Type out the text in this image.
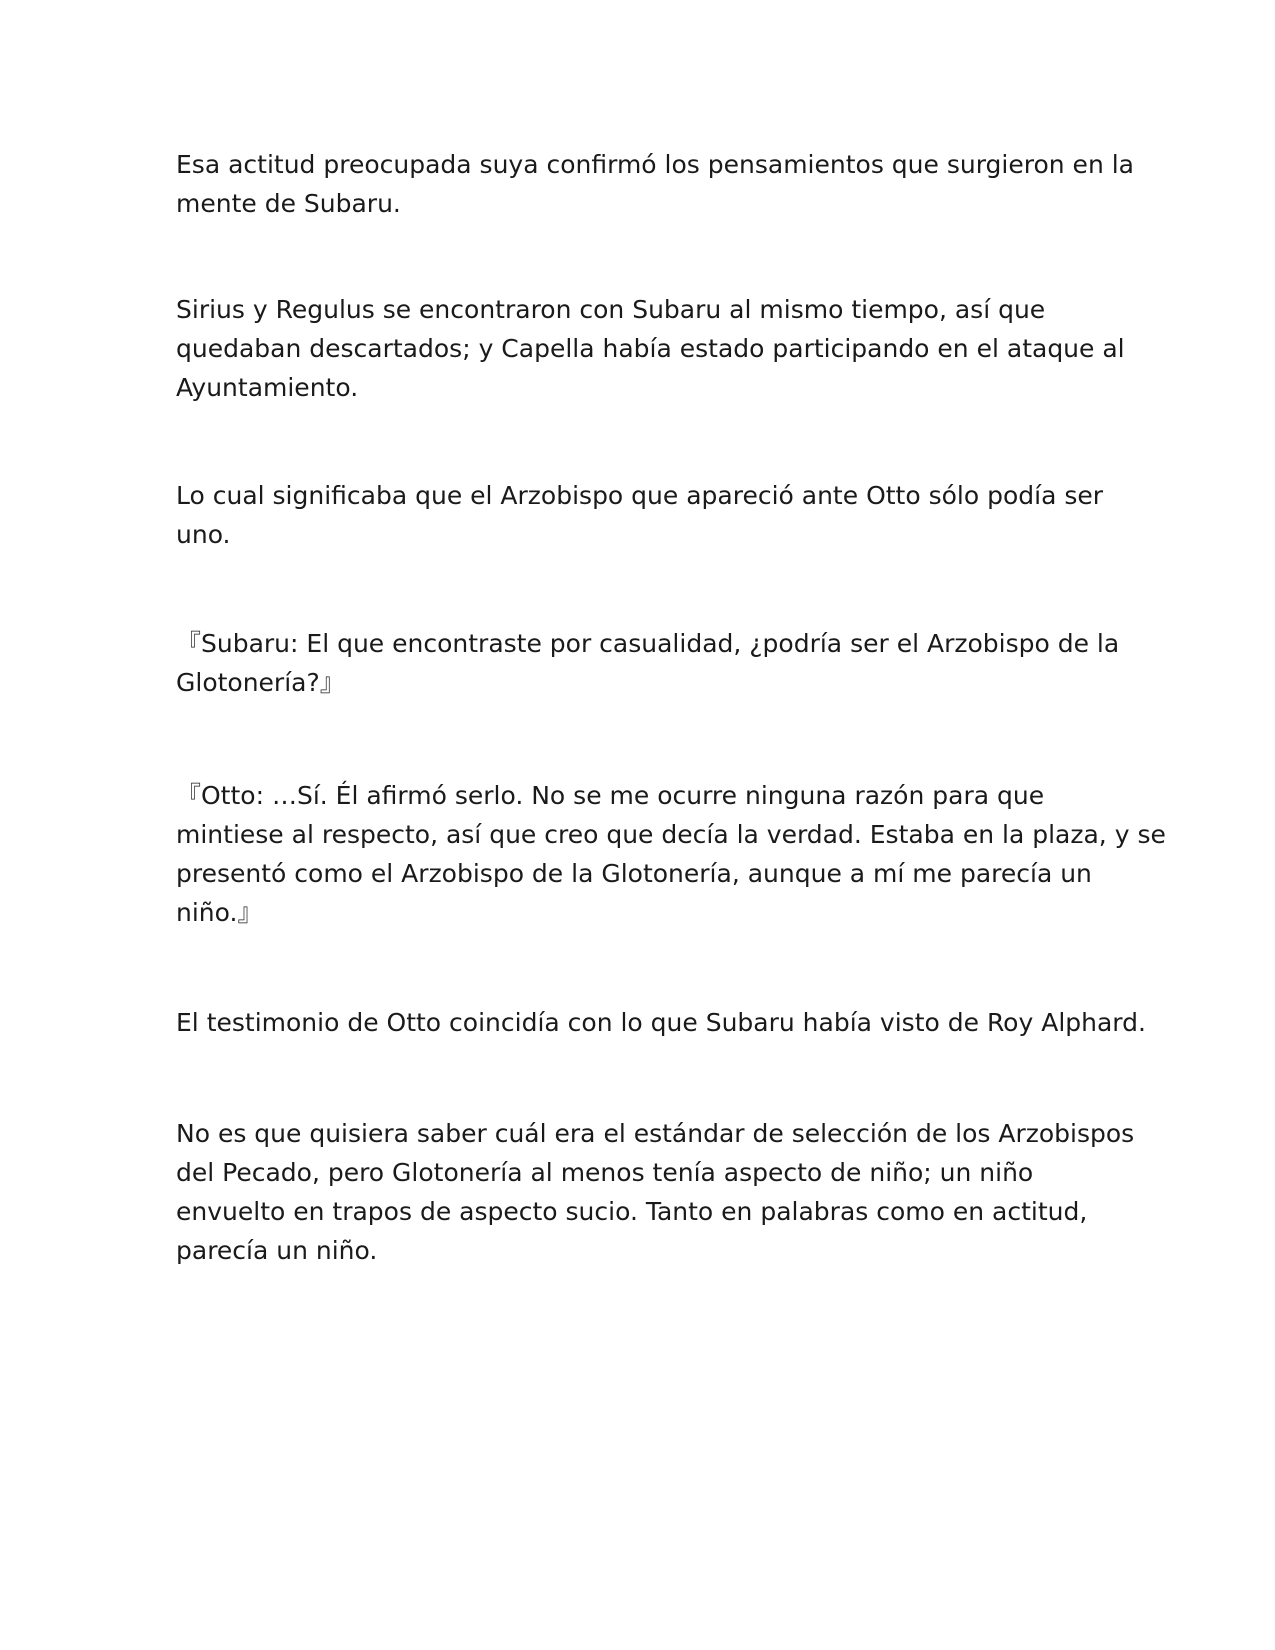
Esa actitud preocupada suya confirmó los pensamientos que surgieron en la
mente de Subaru.

Sirius y Regulus se encontraron con Subaru al mismo tiempo, así que
quedaban descartados; y Capella había estado participando en el ataque al
Ayuntamiento.

Lo cual significaba que el Arzobispo que apareció ante Otto sólo podía ser
uno.

『Subaru: El que encontraste por casualidad, ¿podría ser el Arzobispo de la
Glotonería?』

『Otto: …Sí. Él afirmó serlo. No se me ocurre ninguna razón para que
mintiese al respecto, así que creo que decía la verdad. Estaba en la plaza, y se
presentó como el Arzobispo de la Glotonería, aunque a mí me parecía un
niño.』

El testimonio de Otto coincidía con lo que Subaru había visto de Roy Alphard.

No es que quisiera saber cuál era el estándar de selección de los Arzobispos
del Pecado, pero Glotonería al menos tenía aspecto de niño; un niño
envuelto en trapos de aspecto sucio. Tanto en palabras como en actitud,
parecía un niño.
